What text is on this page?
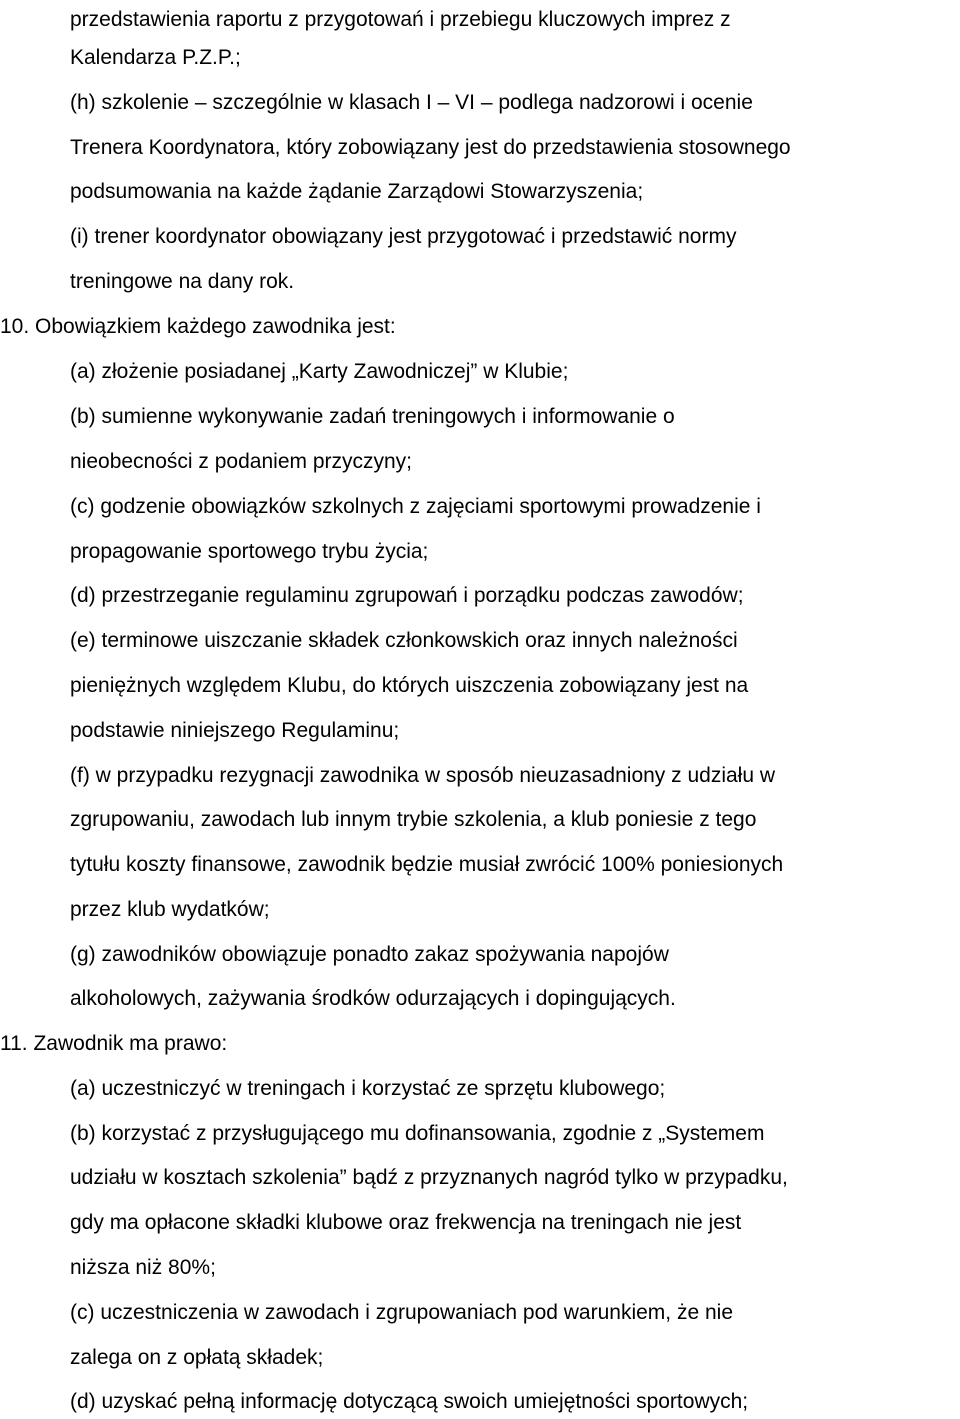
przedstawienia raportu z przygotowań i przebiegu kluczowych imprez z
Kalendarza P.Z.P.;
(h) szkolenie – szczególnie w klasach I – VI – podlega nadzorowi i ocenie
Trenera Koordynatora, który zobowiązany jest do przedstawienia stosownego
podsumowania na każde żądanie Zarządowi Stowarzyszenia;
(i) trener koordynator obowiązany jest przygotować i przedstawić normy
treningowe na dany rok.
10. Obowiązkiem każdego zawodnika jest:
(a) złożenie posiadanej „Karty Zawodniczej” w Klubie;
(b) sumienne wykonywanie zadań treningowych i informowanie o
nieobecności z podaniem przyczyny;
(c) godzenie obowiązków szkolnych z zajęciami sportowymi prowadzenie i
propagowanie sportowego trybu życia;
(d) przestrzeganie regulaminu zgrupowań i porządku podczas zawodów;
(e) terminowe uiszczanie składek członkowskich oraz innych należności
pieniężnych względem Klubu, do których uiszczenia zobowiązany jest na
podstawie niniejszego Regulaminu;
(f) w przypadku rezygnacji zawodnika w sposób nieuzasadniony z udziału w
zgrupowaniu, zawodach lub innym trybie szkolenia, a klub poniesie z tego
tytułu koszty finansowe, zawodnik będzie musiał zwrócić 100% poniesionych
przez klub wydatków;
(g) zawodników obowiązuje ponadto zakaz spożywania napojów
alkoholowych, zażywania środków odurzających i dopingujących.
11. Zawodnik ma prawo:
(a) uczestniczyć w treningach i korzystać ze sprzętu klubowego;
(b) korzystać z przysługującego mu dofinansowania, zgodnie z „Systemem
udziału w kosztach szkolenia” bądź z przyznanych nagród tylko w przypadku,
gdy ma opłacone składki klubowe oraz frekwencja na treningach nie jest
niższa niż 80%;
(c) uczestniczenia w zawodach i zgrupowaniach pod warunkiem, że nie
zalega on z opłatą składek;
(d) uzyskać pełną informację dotyczącą swoich umiejętności sportowych;
